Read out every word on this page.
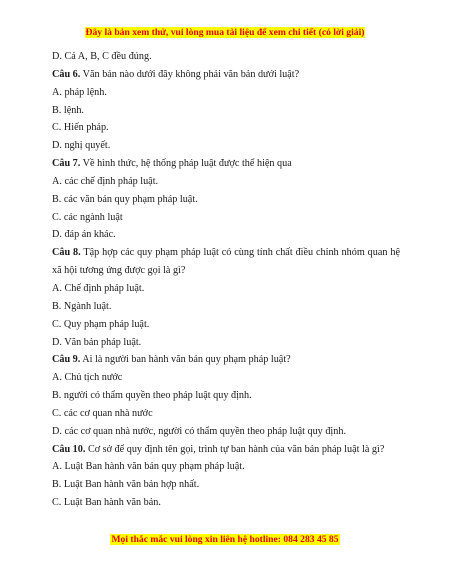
Đây là bản xem thử, vui lòng mua tài liệu để xem chi tiết (có lời giải)
D. Cả A, B, C đều đúng.
Câu 6. Văn bản nào dưới đây không phải văn bản dưới luật?
A. pháp lệnh.
B. lệnh.
C. Hiến pháp.
D. nghị quyết.
Câu 7. Về hình thức, hệ thống pháp luật được thể hiện qua
A. các chế định pháp luật.
B. các văn bản quy phạm pháp luật.
C. các ngành luật
D. đáp án khác.
Câu 8. Tập hợp các quy phạm pháp luật có cùng tính chất điều chỉnh nhóm quan hệ xã hội tương ứng được gọi là gì?
A. Chế định pháp luật.
B. Ngành luật.
C. Quy phạm pháp luật.
D. Văn bản pháp luật.
Câu 9. Ai là người ban hành văn bản quy phạm pháp luật?
A. Chủ tịch nước
B. người có thẩm quyền theo pháp luật quy định.
C. các cơ quan nhà nước
D. các cơ quan nhà nước, người có thẩm quyền theo pháp luật quy định.
Câu 10. Cơ sở để quy định tên gọi, trình tự ban hành của văn bản pháp luật là gì?
A. Luật Ban hành văn bản quy phạm pháp luật.
B. Luật Ban hành văn bản hợp nhất.
C. Luật Ban hành văn bản.
Mọi thắc mắc vui lòng xin liên hệ hotline: 084 283 45 85
